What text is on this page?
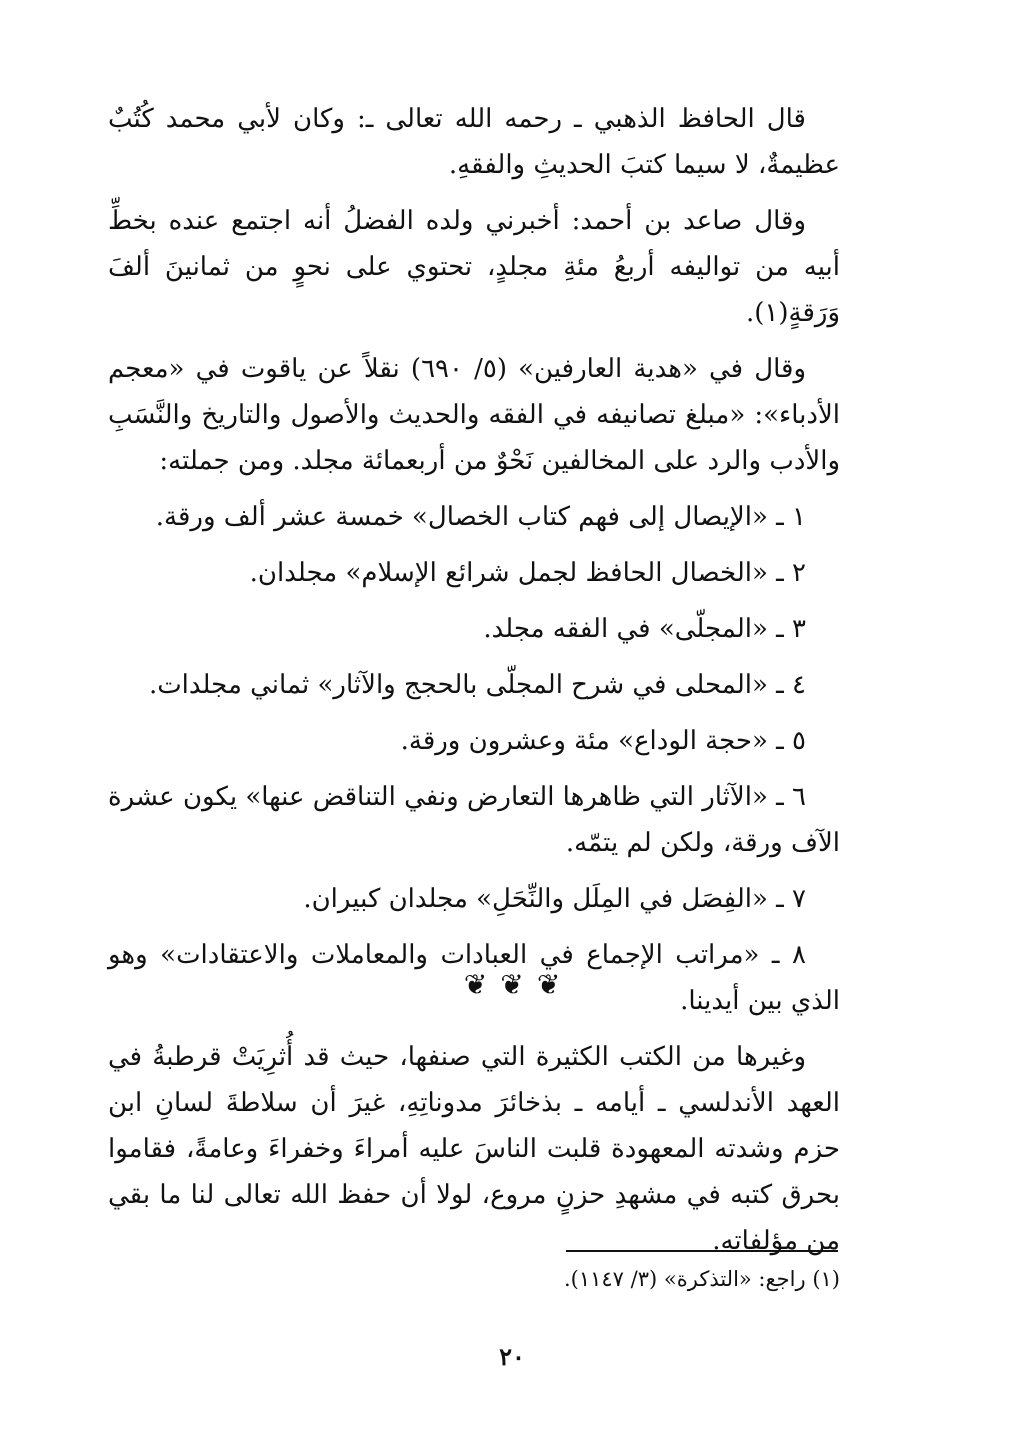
قال الحافظ الذهبي ـ رحمه الله تعالى ـ: وكان لأبي محمد كُتُبٌ عظيمةٌ، لا سيما كتبَ الحديثِ والفقهِ.

وقال صاعد بن أحمد: أخبرني ولده الفضلُ أنه اجتمع عنده بخطِّ أبيه من تواليفه أربعُ مئةِ مجلدٍ، تحتوي على نحوٍ من ثمانينَ ألفَ وَرَقةٍ(١).

وقال في «هدية العارفين» (٥/ ٦٩٠) نقلاً عن ياقوت في «معجم الأدباء»: «مبلغ تصانيفه في الفقه والحديث والأصول والتاريخ والنَّسَبِ والأدب والرد على المخالفين نَحْوٌ من أربعمائة مجلد. ومن جملته:

١ ـ «الإيصال إلى فهم كتاب الخصال» خمسة عشر ألف ورقة.

٢ ـ «الخصال الحافظ لجمل شرائع الإسلام» مجلدان.

٣ ـ «المجلّى» في الفقه مجلد.

٤ ـ «المحلى في شرح المجلّى بالحجج والآثار» ثماني مجلدات.

٥ ـ «حجة الوداع» مئة وعشرون ورقة.

٦ ـ «الآثار التي ظاهرها التعارض ونفي التناقض عنها» يكون عشرة الآف ورقة، ولكن لم يتمّه.

٧ ـ «الفِصَل في المِلَل والنِّحَلِ» مجلدان كبيران.

٨ ـ «مراتب الإجماع في العبادات والمعاملات والاعتقادات» وهو الذي بين أيدينا.

وغيرها من الكتب الكثيرة التي صنفها، حيث قد أُثرِيَتْ قرطبةُ في العهد الأندلسي ـ أيامه ـ بذخائرَ مدوناتِهِ، غيرَ أن سلاطةَ لسانِ ابن حزم وشدته المعهودة قلبت الناسَ عليه أمراءَ وخفراءَ وعامةً، فقاموا بحرق كتبه في مشهدِ حزنٍ مروع، لولا أن حفظ الله تعالى لنا ما بقي من مؤلفاته.

❦ ❦ ❦
(١) راجع: «التذكرة» (٣/ ١١٤٧).
٢٠
